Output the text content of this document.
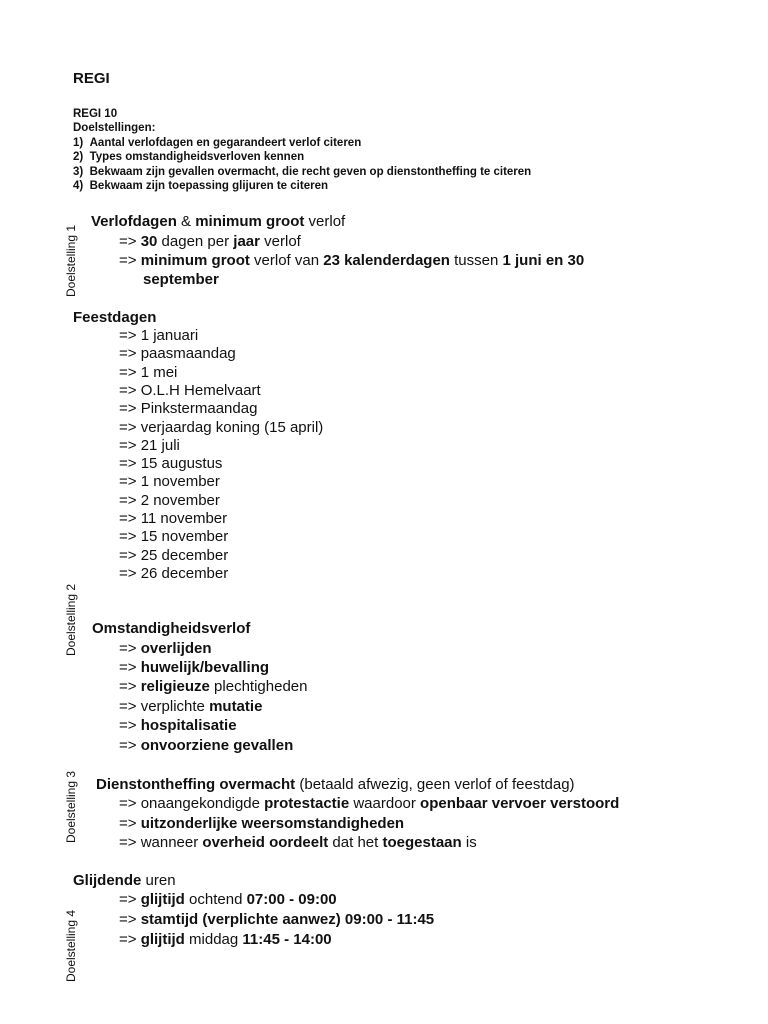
REGI
REGI 10
Doelstellingen:
1)  Aantal verlofdagen en gegarandeert verlof citeren
2)  Types omstandigheidsverloven kennen
3)  Bekwaam zijn gevallen overmacht, die recht geven op dienstontheffing te citeren
4)  Bekwaam zijn toepassing glijuren te citeren
Doelstelling 1
Doelstelling 2
Doelstelling 3
Doelstelling 4
Verlofdagen & minimum groot verlof
=> 30 dagen per jaar verlof
=> minimum groot verlof van 23 kalenderdagen tussen 1 juni en 30
september
Feestdagen
=> 1 januari
=> paasmaandag
=> 1 mei
=> O.L.H Hemelvaart
=> Pinkstermaandag
=> verjaardag koning (15 april)
=> 21 juli
=> 15 augustus
=> 1 november
=> 2 november
=> 11 november
=> 15 november
=> 25 december
=> 26 december
Omstandigheidsverlof
=> overlijden
=> huwelijk/bevalling
=> religieuze plechtigheden
=> verplichte mutatie
=> hospitalisatie
=> onvoorziene gevallen
Dienstontheffing overmacht (betaald afwezig, geen verlof of feestdag)
=> onaangekondigde protestactie waardoor openbaar vervoer verstoord
=> uitzonderlijke weersomstandigheden
=> wanneer overheid oordeelt dat het toegestaan is
Glijdende uren
=> glijtijd ochtend 07:00 - 09:00
=> stamtijd (verplichte aanwez) 09:00 - 11:45
=> glijtijd middag 11:45 - 14:00
